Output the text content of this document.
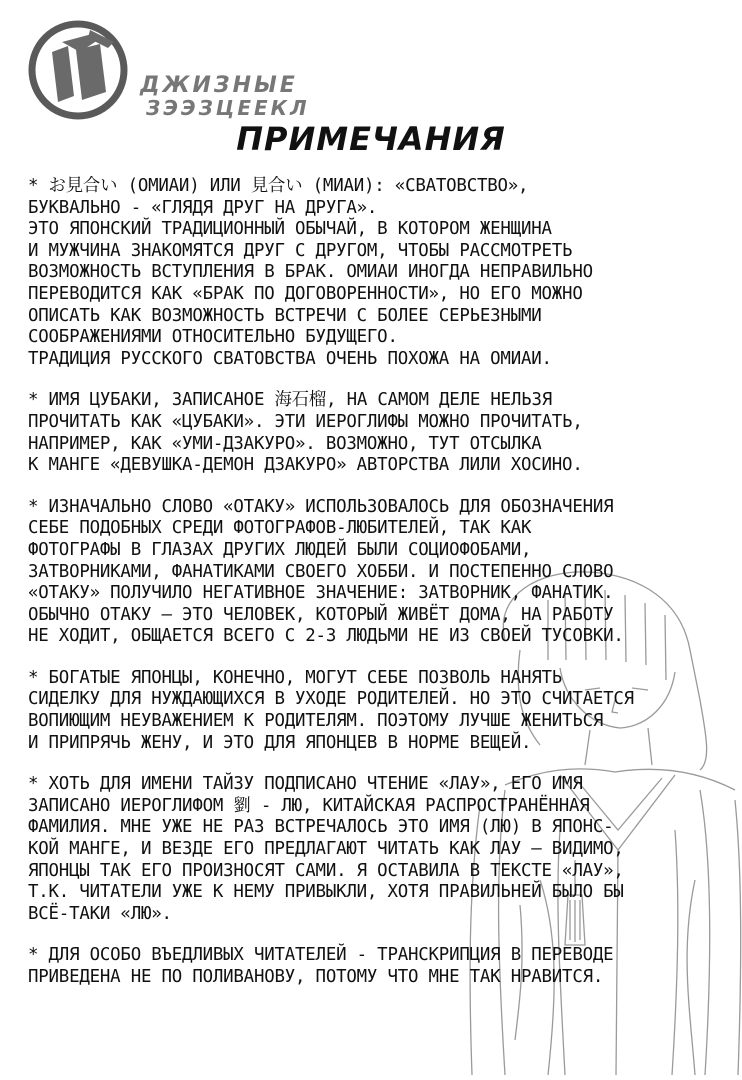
ДЖИЗНЫЕ
ЗЭЭЗЦЕЕКЛ
ПРИМЕЧАНИЯ
* お見合い (ОМИАИ) ИЛИ 見合い (МИАИ): «СВАТОВСТВО»,
БУКВАЛЬНО - «ГЛЯДЯ ДРУГ НА ДРУГА».
ЭТО ЯПОНСКИЙ ТРАДИЦИОННЫЙ ОБЫЧАЙ, В КОТОРОМ ЖЕНЩИНА
И МУЖЧИНА ЗНАКОМЯТСЯ ДРУГ С ДРУГОМ, ЧТОБЫ РАССМОТРЕТЬ
ВОЗМОЖНОСТЬ ВСТУПЛЕНИЯ В БРАК. ОМИАИ ИНОГДА НЕПРАВИЛЬНО
ПЕРЕВОДИТСЯ КАК «БРАК ПО ДОГОВОРЕННОСТИ», НО ЕГО МОЖНО
ОПИСАТЬ КАК ВОЗМОЖНОСТЬ ВСТРЕЧИ С БОЛЕЕ СЕРЬЕЗНЫМИ
СООБРАЖЕНИЯМИ ОТНОСИТЕЛЬНО БУДУЩЕГО.
ТРАДИЦИЯ РУССКОГО СВАТОВСТВА ОЧЕНЬ ПОХОЖА НА ОМИАИ.
* ИМЯ ЦУБАКИ, ЗАПИСАНОЕ 海石榴, НА САМОМ ДЕЛЕ НЕЛЬЗЯ
ПРОЧИТАТЬ КАК «ЦУБАКИ». ЭТИ ИЕРОГЛИФЫ МОЖНО ПРОЧИТАТЬ,
НАПРИМЕР, КАК «УМИ-ДЗАКУРО». ВОЗМОЖНО, ТУТ ОТСЫЛКА
К МАНГЕ «ДЕВУШКА-ДЕМОН ДЗАКУРО» АВТОРСТВА ЛИЛИ ХОСИНО.
* ИЗНАЧАЛЬНО СЛОВО «ОТАКУ» ИСПОЛЬЗОВАЛОСЬ ДЛЯ ОБОЗНАЧЕНИЯ
СЕБЕ ПОДОБНЫХ СРЕДИ ФОТОГРАФОВ-ЛЮБИТЕЛЕЙ, ТАК КАК
ФОТОГРАФЫ В ГЛАЗАХ ДРУГИХ ЛЮДЕЙ БЫЛИ СОЦИОФОБАМИ,
ЗАТВОРНИКАМИ, ФАНАТИКАМИ СВОЕГО ХОББИ. И ПОСТЕПЕННО СЛОВО
«ОТАКУ» ПОЛУЧИЛО НЕГАТИВНОЕ ЗНАЧЕНИЕ: ЗАТВОРНИК, ФАНАТИК.
ОБЫЧНО ОТАКУ – ЭТО ЧЕЛОВЕК, КОТОРЫЙ ЖИВЁТ ДОМА, НА РАБОТУ
НЕ ХОДИТ, ОБЩАЕТСЯ ВСЕГО С 2-3 ЛЮДЬМИ НЕ ИЗ СВОЕЙ ТУСОВКИ.
* БОГАТЫЕ ЯПОНЦЫ, КОНЕЧНО, МОГУТ СЕБЕ ПОЗВОЛЬ НАНЯТЬ
СИДЕЛКУ ДЛЯ НУЖДАЮЩИХСЯ В УХОДЕ РОДИТЕЛЕЙ. НО ЭТО СЧИТАЕТСЯ
ВОПИЮЩИМ НЕУВАЖЕНИЕМ К РОДИТЕЛЯМ. ПОЭТОМУ ЛУЧШЕ ЖЕНИТЬСЯ
И ПРИПРЯЧЬ ЖЕНУ, И ЭТО ДЛЯ ЯПОНЦЕВ В НОРМЕ ВЕЩЕЙ.
* ХОТЬ ДЛЯ ИМЕНИ ТАЙЗУ ПОДПИСАНО ЧТЕНИЕ «ЛАУ», ЕГО ИМЯ
ЗАПИСАНО ИЕРОГЛИФОМ 劉 - ЛЮ, КИТАЙСКАЯ РАСПРОСТРАНЁННАЯ
ФАМИЛИЯ. МНЕ УЖЕ НЕ РАЗ ВСТРЕЧАЛОСЬ ЭТО ИМЯ (ЛЮ) В ЯПОНС-
КОЙ МАНГЕ, И ВЕЗДЕ ЕГО ПРЕДЛАГАЮТ ЧИТАТЬ КАК ЛАУ – ВИДИМО,
ЯПОНЦЫ ТАК ЕГО ПРОИЗНОСЯТ САМИ. Я ОСТАВИЛА В ТЕКСТЕ «ЛАУ»,
Т.К. ЧИТАТЕЛИ УЖЕ К НЕМУ ПРИВЫКЛИ, ХОТЯ ПРАВИЛЬНЕЙ БЫЛО БЫ
ВСЁ-ТАКИ «ЛЮ».
* ДЛЯ ОСОБО ВЪЕДЛИВЫХ ЧИТАТЕЛЕЙ - ТРАНСКРИПЦИЯ В ПЕРЕВОДЕ
ПРИВЕДЕНА НЕ ПО ПОЛИВАНОВУ, ПОТОМУ ЧТО МНЕ ТАК НРАВИТСЯ.
